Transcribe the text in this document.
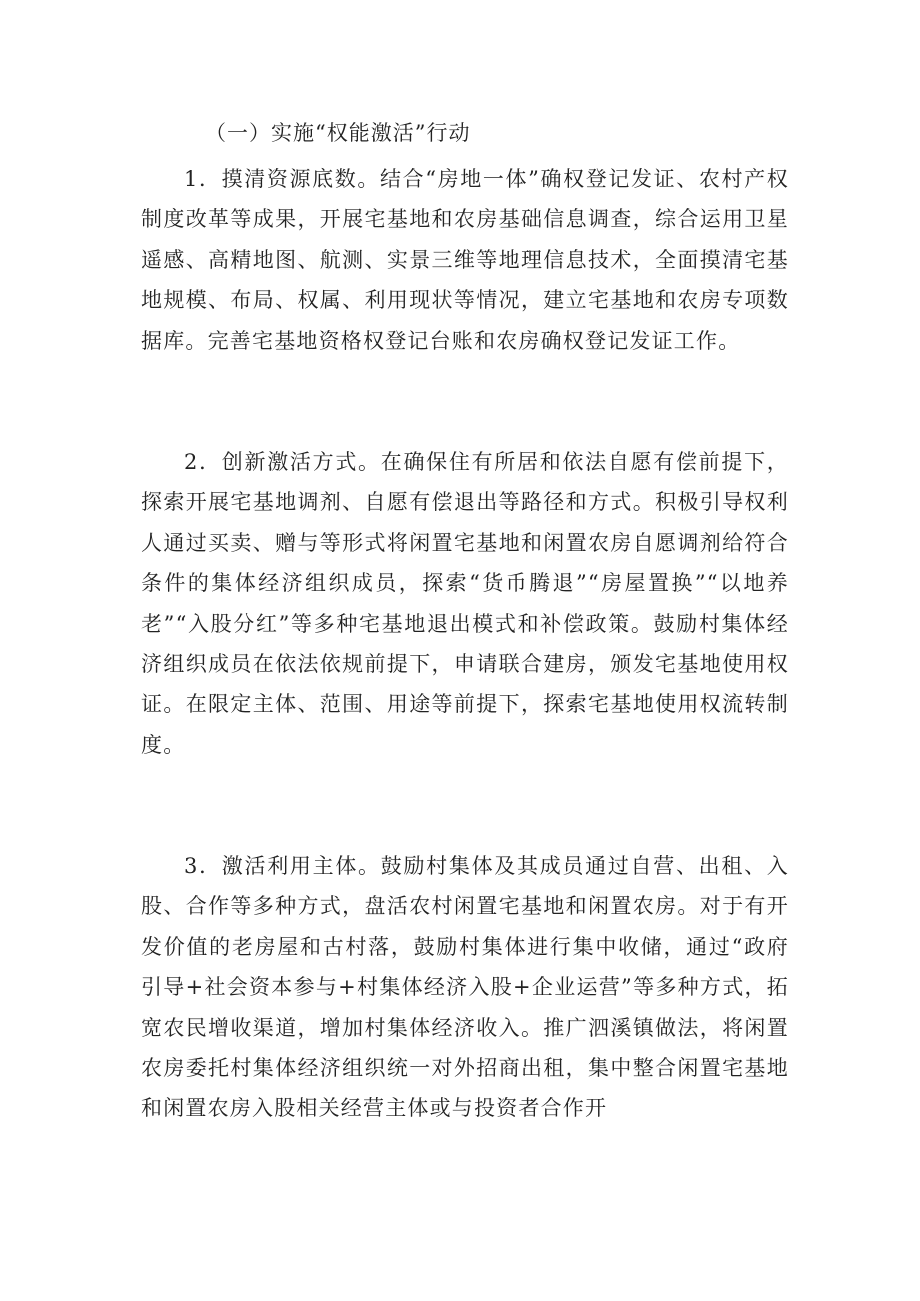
（一）实施“权能激活”行动

1．摸清资源底数。结合“房地一体”确权登记发证、农村产权制度改革等成果，开展宅基地和农房基础信息调查，综合运用卫星遥感、高精地图、航测、实景三维等地理信息技术，全面摸清宅基地规模、布局、权属、利用现状等情况，建立宅基地和农房专项数据库。完善宅基地资格权登记台账和农房确权登记发证工作。

2．创新激活方式。在确保住有所居和依法自愿有偿前提下，探索开展宅基地调剂、自愿有偿退出等路径和方式。积极引导权利人通过买卖、赠与等形式将闲置宅基地和闲置农房自愿调剂给符合条件的集体经济组织成员，探索“货币腾退”“房屋置换”“以地养老”“入股分红”等多种宅基地退出模式和补偿政策。鼓励村集体经济组织成员在依法依规前提下，申请联合建房，颁发宅基地使用权证。在限定主体、范围、用途等前提下，探索宅基地使用权流转制度。

3．激活利用主体。鼓励村集体及其成员通过自营、出租、入股、合作等多种方式，盘活农村闲置宅基地和闲置农房。对于有开发价值的老房屋和古村落，鼓励村集体进行集中收储，通过“政府引导+社会资本参与+村集体经济入股+企业运营”等多种方式，拓宽农民增收渠道，增加村集体经济收入。推广泗溪镇做法，将闲置农房委托村集体经济组织统一对外招商出租，集中整合闲置宅基地和闲置农房入股相关经营主体或与投资者合作开
